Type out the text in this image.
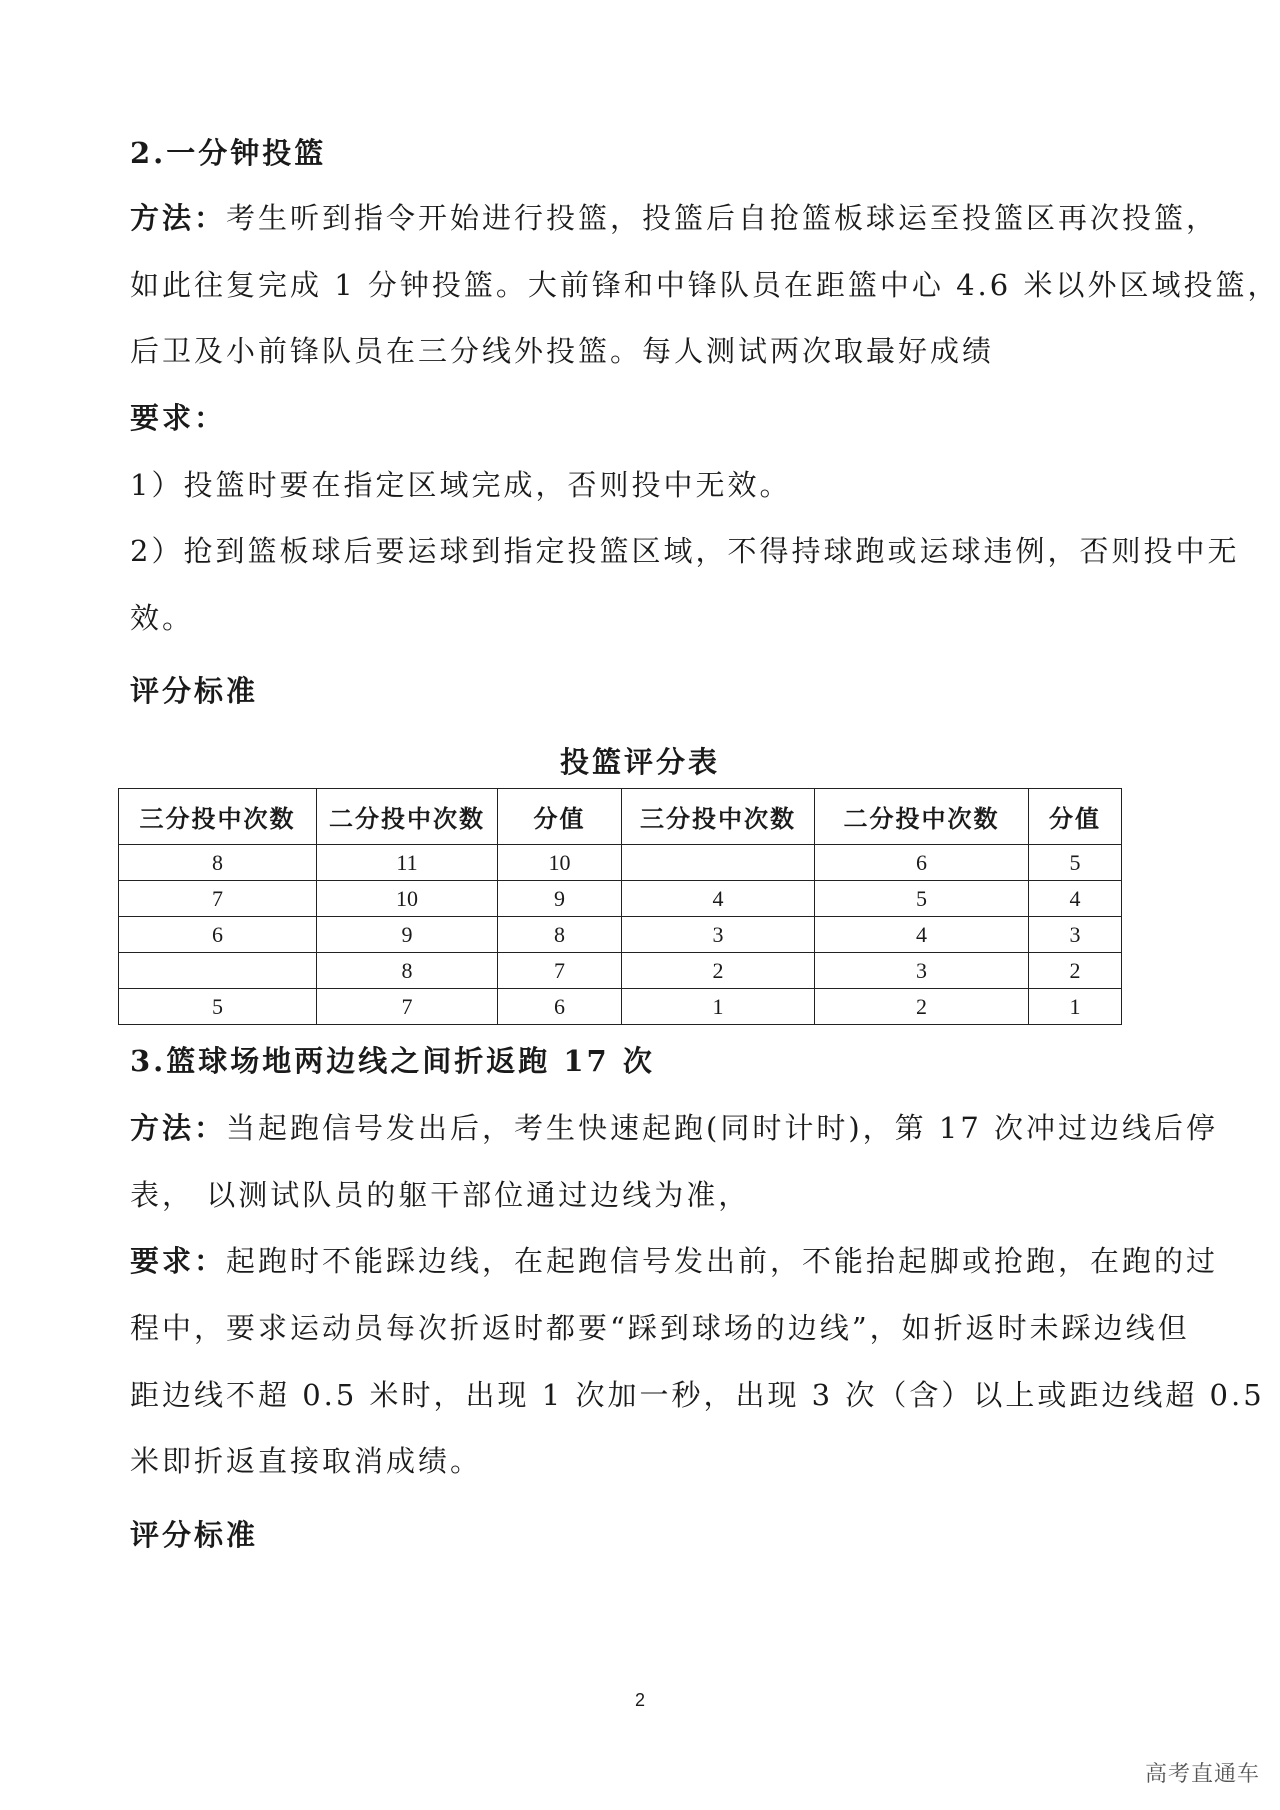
2.一分钟投篮
方法：考生听到指令开始进行投篮，投篮后自抢篮板球运至投篮区再次投篮，
如此往复完成 1 分钟投篮。大前锋和中锋队员在距篮中心 4.6 米以外区域投篮，
后卫及小前锋队员在三分线外投篮。每人测试两次取最好成绩
要求：
1）投篮时要在指定区域完成，否则投中无效。
2）抢到篮板球后要运球到指定投篮区域，不得持球跑或运球违例，否则投中无
效。
评分标准
投篮评分表
三分投中次数	二分投中次数	分值	三分投中次数	二分投中次数	分值
8	11	10		6	5
7	10	9	4	5	4
6	9	8	3	4	3
	8	7	2	3	2
5	7	6	1	2	1
3.篮球场地两边线之间折返跑 17 次
方法：当起跑信号发出后，考生快速起跑(同时计时)，第 17 次冲过边线后停
表， 以测试队员的躯干部位通过边线为准，
要求：起跑时不能踩边线，在起跑信号发出前，不能抬起脚或抢跑，在跑的过
程中，要求运动员每次折返时都要“踩到球场的边线”，如折返时未踩边线但
距边线不超 0.5 米时，出现 1 次加一秒，出现 3 次（含）以上或距边线超 0.5
米即折返直接取消成绩。
评分标准
2
高考直通车
